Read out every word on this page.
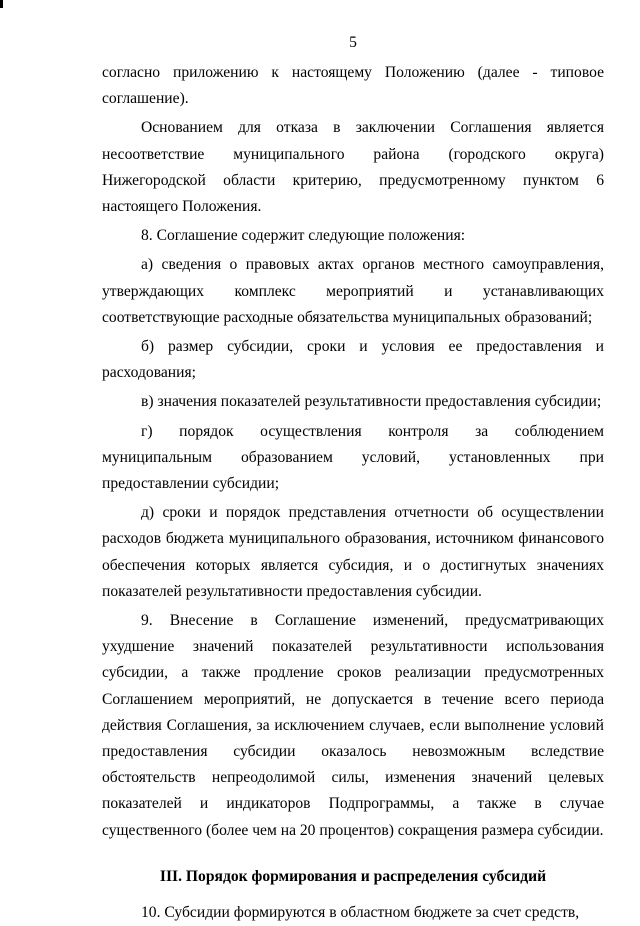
5

согласно приложению к настоящему Положению (далее - типовое соглашение).

Основанием для отказа в заключении Соглашения является несоответствие муниципального района (городского округа) Нижегородской области критерию, предусмотренному пунктом 6 настоящего Положения.

8. Соглашение содержит следующие положения:

а) сведения о правовых актах органов местного самоуправления, утверждающих комплекс мероприятий и устанавливающих соответствующие расходные обязательства муниципальных образований;

б) размер субсидии, сроки и условия ее предоставления и расходования;

в) значения показателей результативности предоставления субсидии;

г) порядок осуществления контроля за соблюдением муниципальным образованием условий, установленных при предоставлении субсидии;

д) сроки и порядок представления отчетности об осуществлении расходов бюджета муниципального образования, источником финансового обеспечения которых является субсидия, и о достигнутых значениях показателей результативности предоставления субсидии.

9. Внесение в Соглашение изменений, предусматривающих ухудшение значений показателей результативности использования субсидии, а также продление сроков реализации предусмотренных Соглашением мероприятий, не допускается в течение всего периода действия Соглашения, за исключением случаев, если выполнение условий предоставления субсидии оказалось невозможным вследствие обстоятельств непреодолимой силы, изменения значений целевых показателей и индикаторов Подпрограммы, а также в случае существенного (более чем на 20 процентов) сокращения размера субсидии.

III. Порядок формирования и распределения субсидий

10. Субсидии формируются в областном бюджете за счет средств,
